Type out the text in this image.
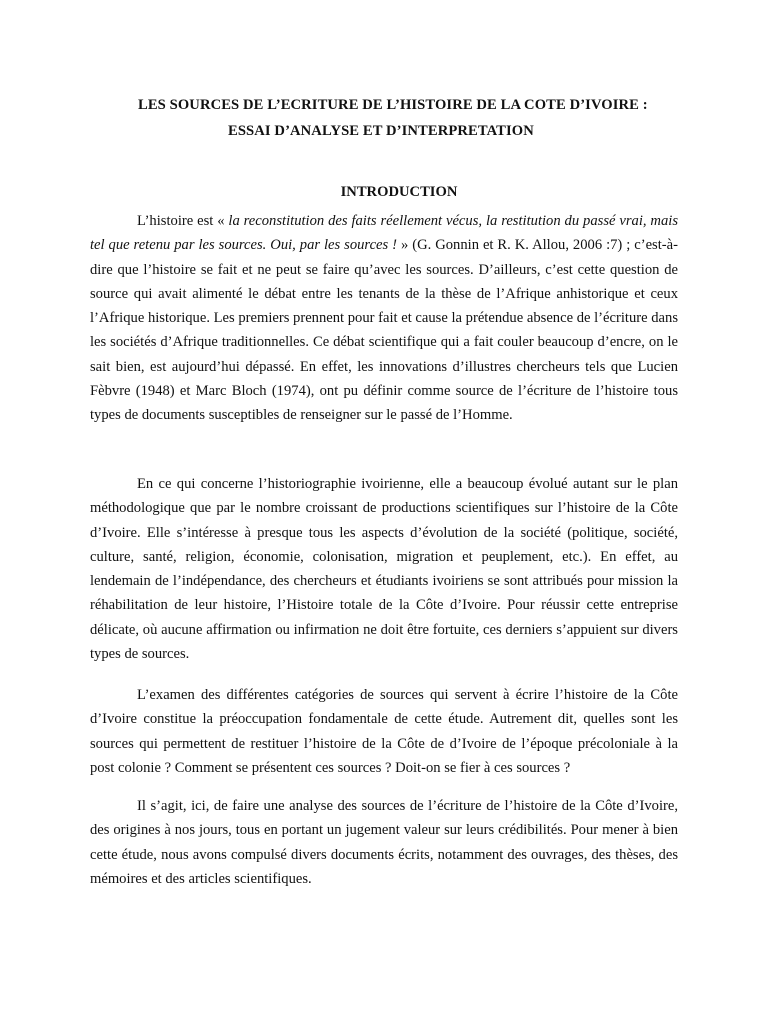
LES SOURCES DE L’ECRITURE DE L’HISTOIRE DE LA COTE D’IVOIRE :
ESSAI D’ANALYSE ET D’INTERPRETATION
INTRODUCTION

L’histoire est « la reconstitution des faits réellement vécus, la restitution du passé vrai, mais tel que retenu par les sources. Oui, par les sources ! » (G. Gonnin et R. K. Allou, 2006 :7) ; c’est-à-dire que l’histoire se fait et ne peut se faire qu’avec les sources. D’ailleurs, c’est cette question de source qui avait alimenté le débat entre les tenants de la thèse de l’Afrique anhistorique et ceux l’Afrique historique. Les premiers prennent pour fait et cause la prétendue absence de l’écriture dans les sociétés d’Afrique traditionnelles. Ce débat scientifique qui a fait couler beaucoup d’encre, on le sait bien, est aujourd’hui dépassé. En effet, les innovations d’illustres chercheurs tels que Lucien Fèbvre (1948) et Marc Bloch (1974), ont pu définir comme source de l’écriture de l’histoire tous types de documents susceptibles de renseigner sur le passé de l’Homme.

En ce qui concerne l’historiographie ivoirienne, elle a beaucoup évolué autant sur le plan méthodologique que par le nombre croissant de productions scientifiques sur l’histoire de la Côte d’Ivoire. Elle s’intéresse à presque tous les aspects d’évolution de la société (politique, société, culture, santé, religion, économie, colonisation, migration et peuplement, etc.). En effet, au lendemain de l’indépendance, des chercheurs et étudiants ivoiriens se sont attribués pour mission la réhabilitation de leur histoire, l’Histoire totale de la Côte d’Ivoire. Pour réussir cette entreprise délicate, où aucune affirmation ou infirmation ne doit être fortuite, ces derniers s’appuient sur divers types de sources.

L’examen des différentes catégories de sources qui servent à écrire l’histoire de la Côte d’Ivoire constitue la préoccupation fondamentale de cette étude. Autrement dit, quelles sont les sources qui permettent de restituer l’histoire de la Côte de d’Ivoire de l’époque précoloniale à la post colonie ? Comment se présentent ces sources ? Doit-on se fier à ces sources ?

Il s’agit, ici, de faire une analyse des sources de l’écriture de l’histoire de la Côte d’Ivoire, des origines à nos jours, tous en portant un jugement valeur sur leurs crédibilités. Pour mener à bien cette étude, nous avons compulsé divers documents écrits, notamment des ouvrages, des thèses, des mémoires et des articles scientifiques.
